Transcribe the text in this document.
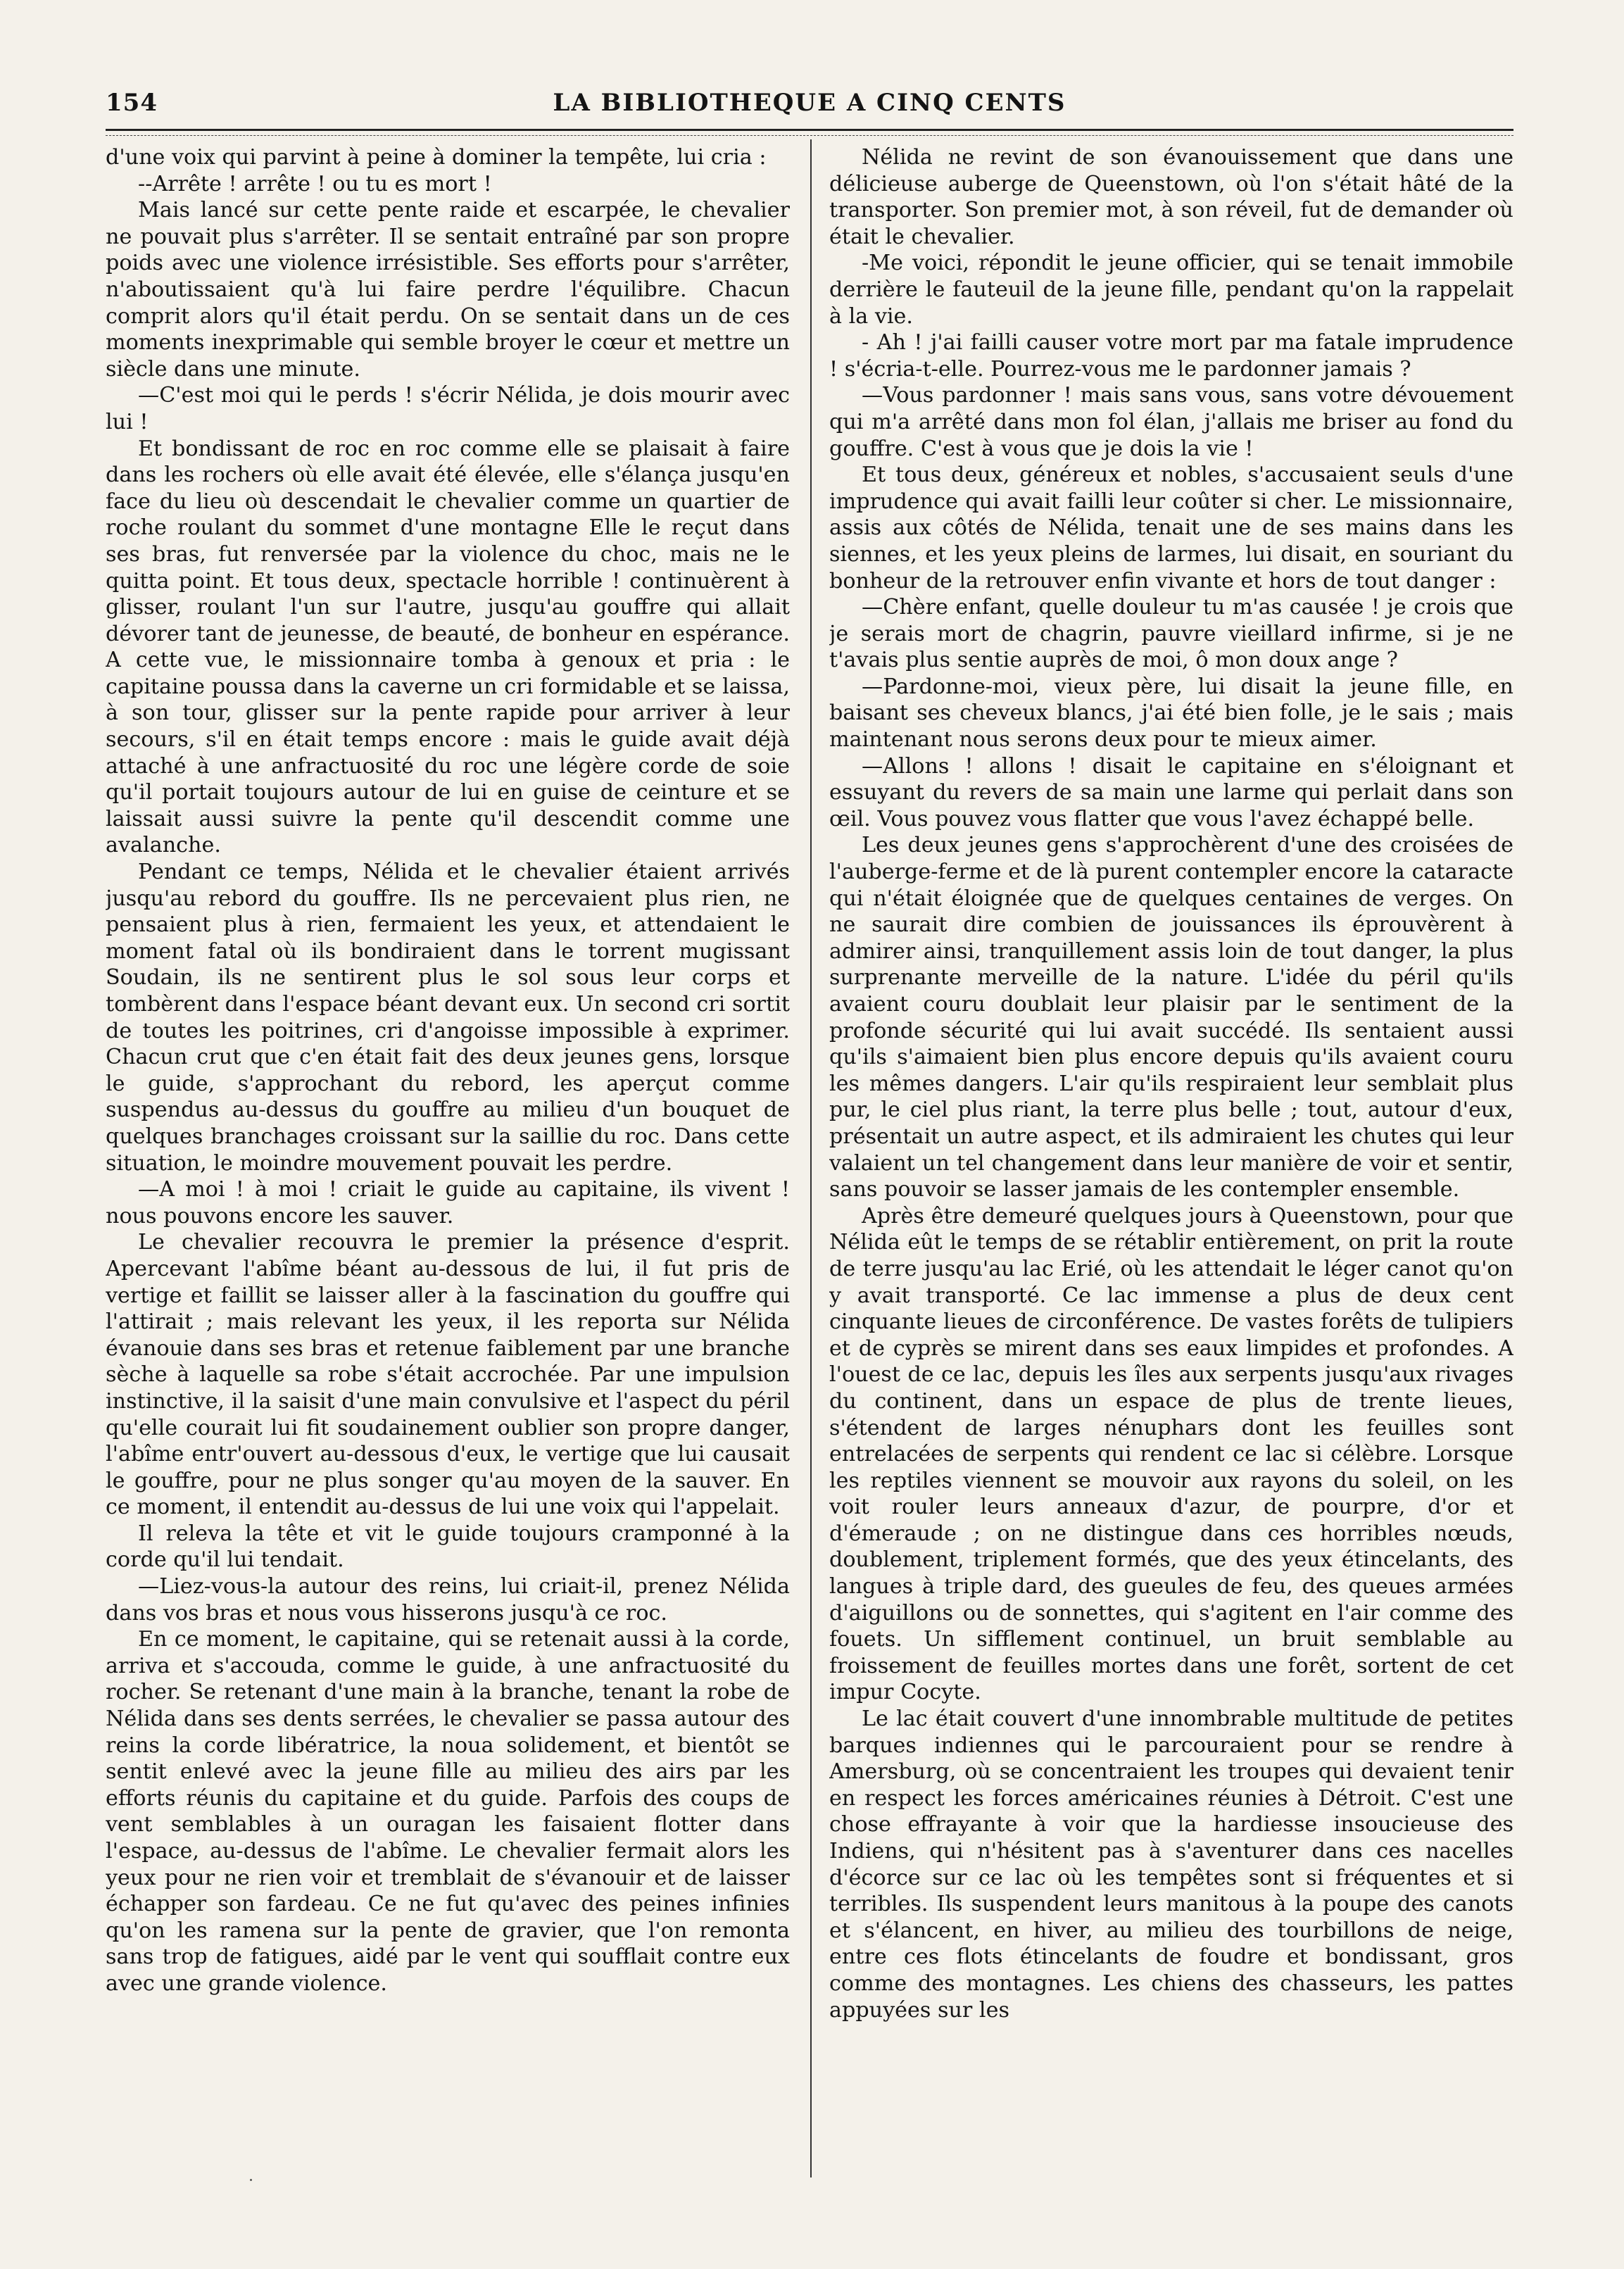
154	LA BIBLIOTHEQUE A CINQ CENTS

d'une voix qui parvint à peine à dominer la tempête, lui cria :

--Arrête ! arrête ! ou tu es mort !

Mais lancé sur cette pente raide et escarpée, le chevalier ne pouvait plus s'arrêter. Il se sentait entraîné par son propre poids avec une violence irrésistible. Ses efforts pour s'arrêter, n'aboutissaient qu'à lui faire perdre l'équilibre. Chacun comprit alors qu'il était perdu. On se sentait dans un de ces moments inexprimable qui semble broyer le cœur et mettre un siècle dans une minute.

—C'est moi qui le perds ! s'écrir Nélida, je dois mourir avec lui !

Et bondissant de roc en roc comme elle se plaisait à faire dans les rochers où elle avait été élevée, elle s'élança jusqu'en face du lieu où descendait le chevalier comme un quartier de roche roulant du sommet d'une montagne Elle le reçut dans ses bras, fut renversée par la violence du choc, mais ne le quitta point. Et tous deux, spectacle horrible ! continuèrent à glisser, roulant l'un sur l'autre, jusqu'au gouffre qui allait dévorer tant de jeunesse, de beauté, de bonheur en espérance. A cette vue, le missionnaire tomba à genoux et pria : le capitaine poussa dans la caverne un cri formidable et se laissa, à son tour, glisser sur la pente rapide pour arriver à leur secours, s'il en était temps encore : mais le guide avait déjà attaché à une anfractuosité du roc une légère corde de soie qu'il portait toujours autour de lui en guise de ceinture et se laissait aussi suivre la pente qu'il descendit comme une avalanche.

Pendant ce temps, Nélida et le chevalier étaient arrivés jusqu'au rebord du gouffre. Ils ne percevaient plus rien, ne pensaient plus à rien, fermaient les yeux, et attendaient le moment fatal où ils bondiraient dans le torrent mugissant Soudain, ils ne sentirent plus le sol sous leur corps et tombèrent dans l'espace béant devant eux. Un second cri sortit de toutes les poitrines, cri d'angoisse impossible à exprimer. Chacun crut que c'en était fait des deux jeunes gens, lorsque le guide, s'approchant du rebord, les aperçut comme suspendus au-dessus du gouffre au milieu d'un bouquet de quelques branchages croissant sur la saillie du roc. Dans cette situation, le moindre mouvement pouvait les perdre.

—A moi ! à moi ! criait le guide au capitaine, ils vivent ! nous pouvons encore les sauver.

Le chevalier recouvra le premier la présence d'esprit. Apercevant l'abîme béant au-dessous de lui, il fut pris de vertige et faillit se laisser aller à la fascination du gouffre qui l'attirait ; mais relevant les yeux, il les reporta sur Nélida évanouie dans ses bras et retenue faiblement par une branche sèche à laquelle sa robe s'était accrochée. Par une impulsion instinctive, il la saisit d'une main convulsive et l'aspect du péril qu'elle courait lui fit soudainement oublier son propre danger, l'abîme entr'ouvert au-dessous d'eux, le vertige que lui causait le gouffre, pour ne plus songer qu'au moyen de la sauver. En ce moment, il entendit au-dessus de lui une voix qui l'appelait.

Il releva la tête et vit le guide toujours cramponné à la corde qu'il lui tendait.

—Liez-vous-la autour des reins, lui criait-il, prenez Nélida dans vos bras et nous vous hisserons jusqu'à ce roc.

En ce moment, le capitaine, qui se retenait aussi à la corde, arriva et s'accouda, comme le guide, à une anfractuosité du rocher. Se retenant d'une main à la branche, tenant la robe de Nélida dans ses dents serrées, le chevalier se passa autour des reins la corde libératrice, la noua solidement, et bientôt se sentit enlevé avec la jeune fille au milieu des airs par les efforts réunis du capitaine et du guide. Parfois des coups de vent semblables à un ouragan les faisaient flotter dans l'espace, au-dessus de l'abîme. Le chevalier fermait alors les yeux pour ne rien voir et tremblait de s'évanouir et de laisser échapper son fardeau. Ce ne fut qu'avec des peines infinies qu'on les ramena sur la pente de gravier, que l'on remonta sans trop de fatigues, aidé par le vent qui soufflait contre eux avec une grande violence.

Nélida ne revint de son évanouissement que dans une délicieuse auberge de Queenstown, où l'on s'était hâté de la transporter. Son premier mot, à son réveil, fut de demander où était le chevalier.

-Me voici, répondit le jeune officier, qui se tenait immobile derrière le fauteuil de la jeune fille, pendant qu'on la rappelait à la vie.

- Ah ! j'ai failli causer votre mort par ma fatale imprudence ! s'écria-t-elle. Pourrez-vous me le pardonner jamais ?

—Vous pardonner ! mais sans vous, sans votre dévouement qui m'a arrêté dans mon fol élan, j'allais me briser au fond du gouffre. C'est à vous que je dois la vie !

Et tous deux, généreux et nobles, s'accusaient seuls d'une imprudence qui avait failli leur coûter si cher. Le missionnaire, assis aux côtés de Nélida, tenait une de ses mains dans les siennes, et les yeux pleins de larmes, lui disait, en souriant du bonheur de la retrouver enfin vivante et hors de tout danger :

—Chère enfant, quelle douleur tu m'as causée ! je crois que je serais mort de chagrin, pauvre vieillard infirme, si je ne t'avais plus sentie auprès de moi, ô mon doux ange ?

—Pardonne-moi, vieux père, lui disait la jeune fille, en baisant ses cheveux blancs, j'ai été bien folle, je le sais ; mais maintenant nous serons deux pour te mieux aimer.

—Allons ! allons ! disait le capitaine en s'éloignant et essuyant du revers de sa main une larme qui perlait dans son œil. Vous pouvez vous flatter que vous l'avez échappé belle.

Les deux jeunes gens s'approchèrent d'une des croisées de l'auberge-ferme et de là purent contempler encore la cataracte qui n'était éloignée que de quelques centaines de verges. On ne saurait dire combien de jouissances ils éprouvèrent à admirer ainsi, tranquillement assis loin de tout danger, la plus surprenante merveille de la nature. L'idée du péril qu'ils avaient couru doublait leur plaisir par le sentiment de la profonde sécurité qui lui avait succédé. Ils sentaient aussi qu'ils s'aimaient bien plus encore depuis qu'ils avaient couru les mêmes dangers. L'air qu'ils respiraient leur semblait plus pur, le ciel plus riant, la terre plus belle ; tout, autour d'eux, présentait un autre aspect, et ils admiraient les chutes qui leur valaient un tel changement dans leur manière de voir et sentir, sans pouvoir se lasser jamais de les contempler ensemble.

Après être demeuré quelques jours à Queenstown, pour que Nélida eût le temps de se rétablir entièrement, on prit la route de terre jusqu'au lac Erié, où les attendait le léger canot qu'on y avait transporté. Ce lac immense a plus de deux cent cinquante lieues de circonférence. De vastes forêts de tulipiers et de cyprès se mirent dans ses eaux limpides et profondes. A l'ouest de ce lac, depuis les îles aux serpents jusqu'aux rivages du continent, dans un espace de plus de trente lieues, s'étendent de larges nénuphars dont les feuilles sont entrelacées de serpents qui rendent ce lac si célèbre. Lorsque les reptiles viennent se mouvoir aux rayons du soleil, on les voit rouler leurs anneaux d'azur, de pourpre, d'or et d'émeraude ; on ne distingue dans ces horribles nœuds, doublement, triplement formés, que des yeux étincelants, des langues à triple dard, des gueules de feu, des queues armées d'aiguillons ou de sonnettes, qui s'agitent en l'air comme des fouets. Un sifflement continuel, un bruit semblable au froissement de feuilles mortes dans une forêt, sortent de cet impur Cocyte.

Le lac était couvert d'une innombrable multitude de petites barques indiennes qui le parcouraient pour se rendre à Amersburg, où se concentraient les troupes qui devaient tenir en respect les forces américaines réunies à Détroit. C'est une chose effrayante à voir que la hardiesse insoucieuse des Indiens, qui n'hésitent pas à s'aventurer dans ces nacelles d'écorce sur ce lac où les tempêtes sont si fréquentes et si terribles. Ils suspendent leurs manitous à la poupe des canots et s'élancent, en hiver, au milieu des tourbillons de neige, entre ces flots étincelants de foudre et bondissant, gros comme des montagnes. Les chiens des chasseurs, les pattes appuyées sur les
